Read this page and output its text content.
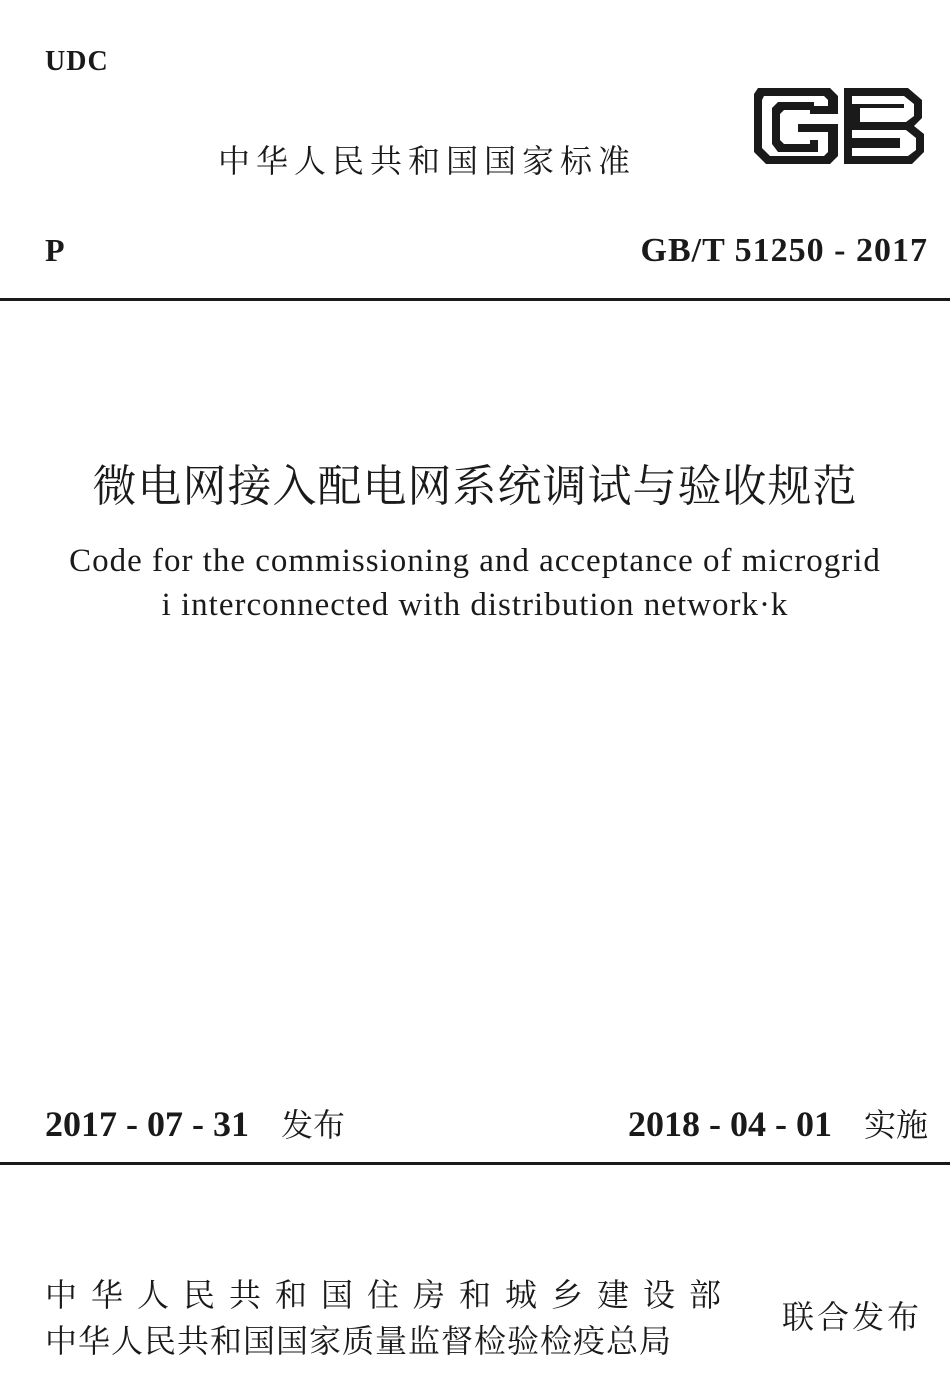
UDC
中华人民共和国国家标准
P	GB/T 51250 - 2017
微电网接入配电网系统调试与验收规范
Code for the commissioning and acceptance of microgrid
i interconnected with distribution network·k
2017 - 07 - 31 发布	2018 - 04 - 01 实施
中华人民共和国住房和城乡建设部
中华人民共和国国家质量监督检验检疫总局
联合发布
